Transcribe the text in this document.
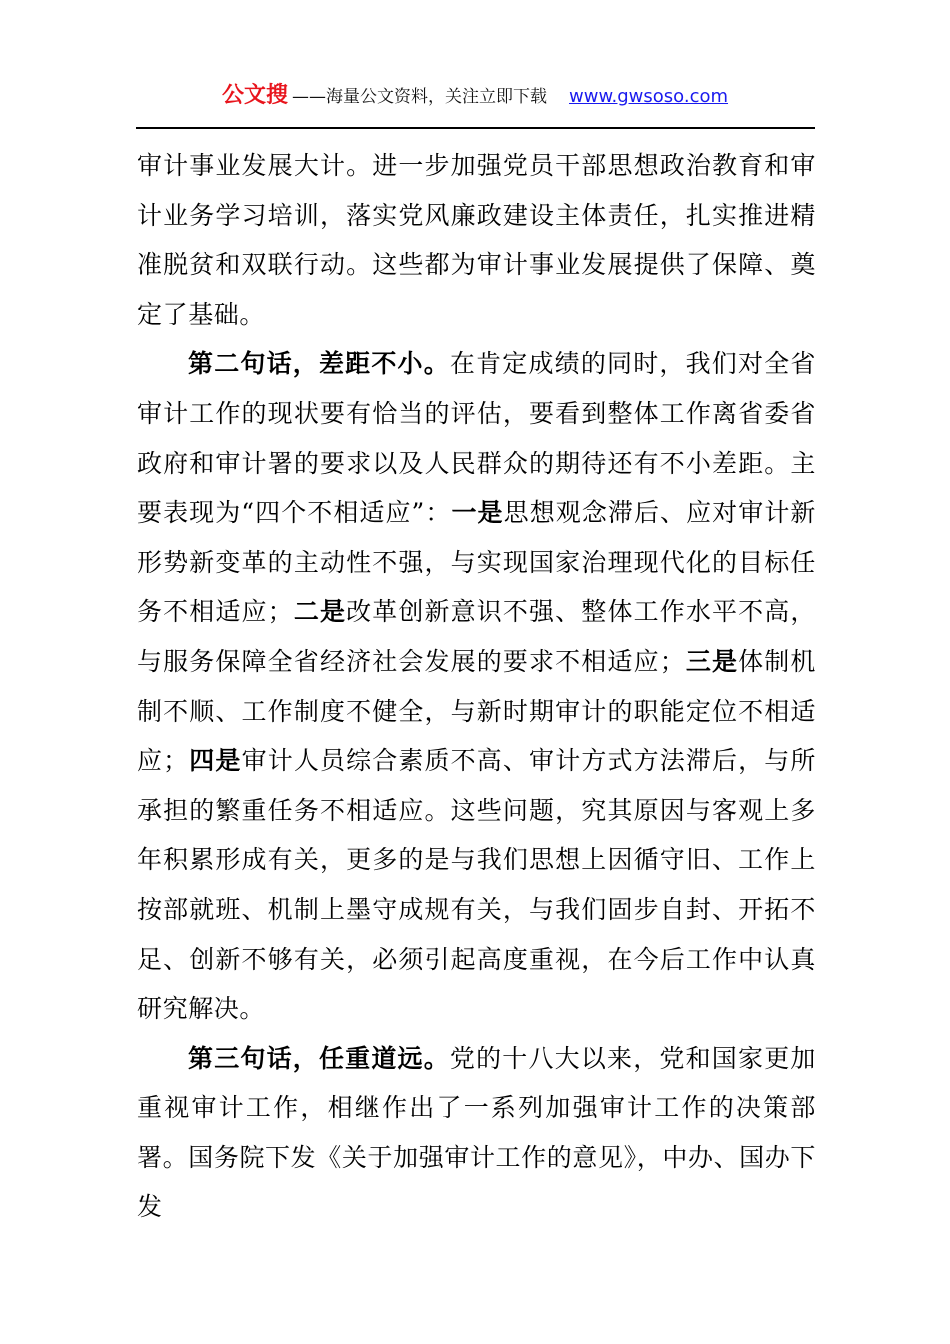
公文搜 ——海量公文资料，关注立即下载 www.gwsoso.com

审计事业发展大计。进一步加强党员干部思想政治教育和审计业务学习培训，落实党风廉政建设主体责任，扎实推进精准脱贫和双联行动。这些都为审计事业发展提供了保障、奠定了基础。

第二句话，差距不小。在肯定成绩的同时，我们对全省审计工作的现状要有恰当的评估，要看到整体工作离省委省政府和审计署的要求以及人民群众的期待还有不小差距。主要表现为“四个不相适应”：一是思想观念滞后、应对审计新形势新变革的主动性不强，与实现国家治理现代化的目标任务不相适应；二是改革创新意识不强、整体工作水平不高，与服务保障全省经济社会发展的要求不相适应；三是体制机制不顺、工作制度不健全，与新时期审计的职能定位不相适应；四是审计人员综合素质不高、审计方式方法滞后，与所承担的繁重任务不相适应。这些问题，究其原因与客观上多年积累形成有关，更多的是与我们思想上因循守旧、工作上按部就班、机制上墨守成规有关，与我们固步自封、开拓不足、创新不够有关，必须引起高度重视，在今后工作中认真研究解决。

第三句话，任重道远。党的十八大以来，党和国家更加重视审计工作，相继作出了一系列加强审计工作的决策部署。国务院下发《关于加强审计工作的意见》，中办、国办下发
